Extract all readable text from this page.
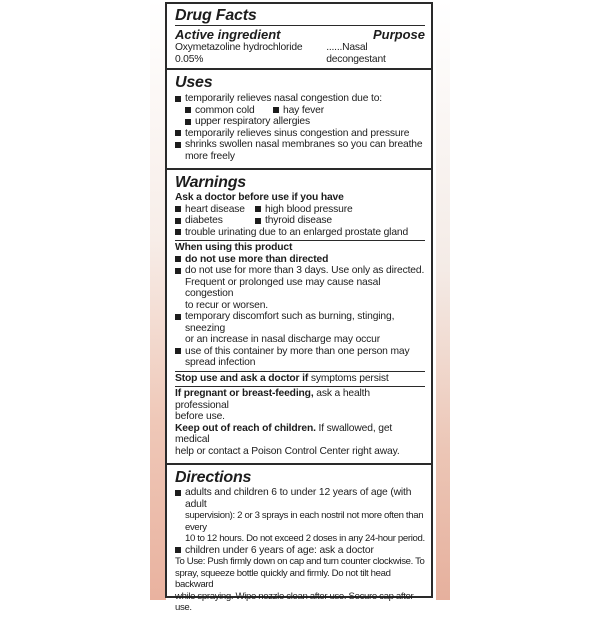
Drug Facts
Active ingredient	Purpose
Oxymetazoline hydrochloride 0.05%
......Nasal decongestant
Uses
temporarily relieves nasal congestion due to:
common cold	hay fever
upper respiratory allergies
temporarily relieves sinus congestion and pressure
shrinks swollen nasal membranes so you can breathe
more freely
Warnings
Ask a doctor before use if you have
heart disease high blood pressure
diabetes	thyroid disease
trouble urinating due to an enlarged prostate gland
When using this product
do not use more than directed
do not use for more than 3 days. Use only as directed.
Frequent or prolonged use may cause nasal congestion
to recur or worsen.
temporary discomfort such as burning, stinging, sneezing
or an increase in nasal discharge may occur
use of this container by more than one person may
spread infection
Stop use and ask a doctor if symptoms persist
If pregnant or breast-feeding, ask a health professional
before use.
Keep out of reach of children. If swallowed, get medical
help or contact a Poison Control Center right away.
Directions
adults and children 6 to under 12 years of age (with adult
supervision): 2 or 3 sprays in each nostril not more often than every
10 to 12 hours. Do not exceed 2 doses in any 24-hour period.
children under 6 years of age: ask a doctor
To Use: Push firmly down on cap and turn counter clockwise. To
spray, squeeze bottle quickly and firmly. Do not tilt head backward
while spraying. Wipe nozzle clean after use. Secure cap after use.
